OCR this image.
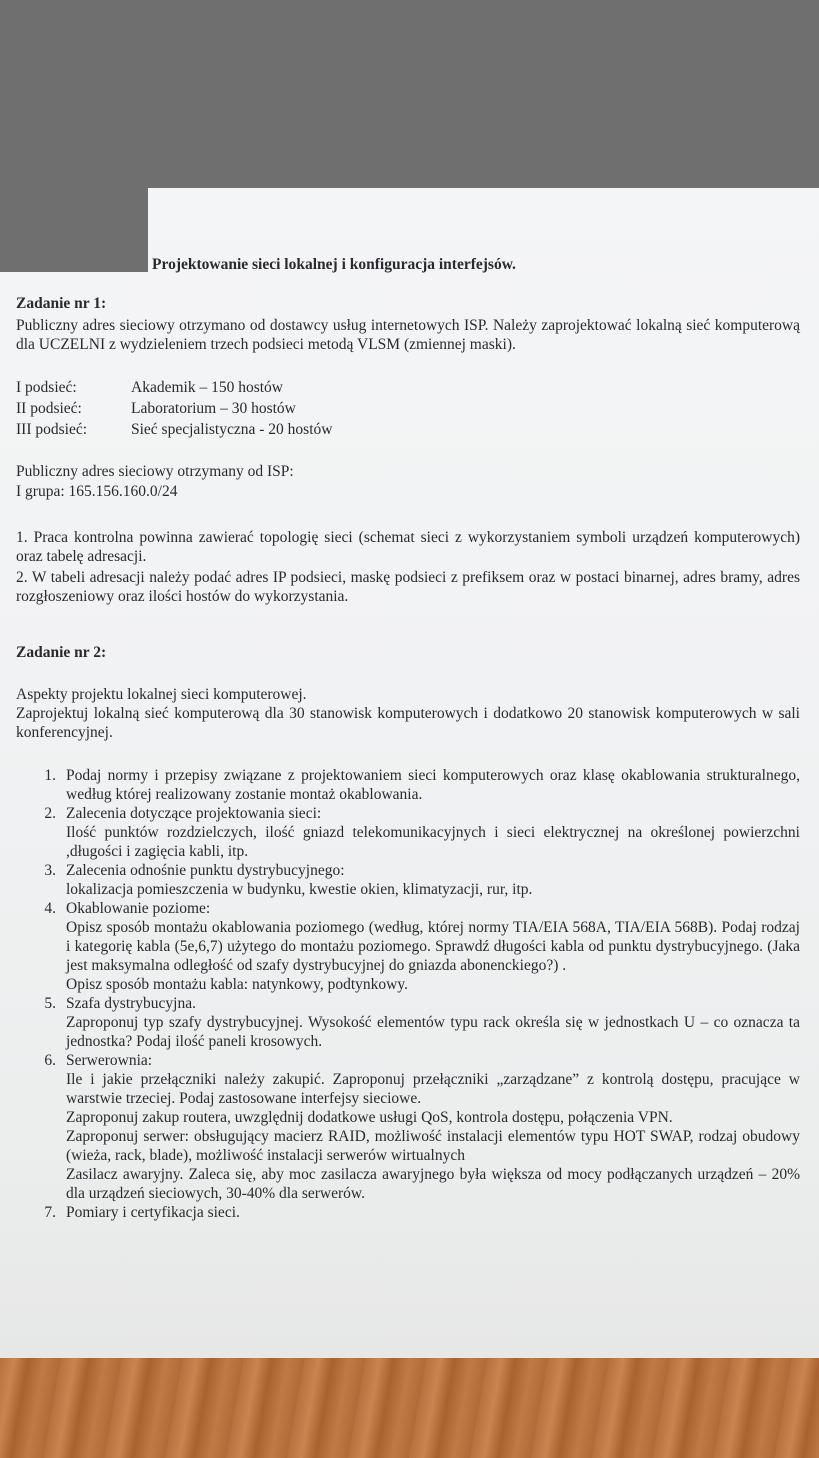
Projektowanie sieci lokalnej i konfiguracja interfejsów.
Zadanie nr 1:
Publiczny adres sieciowy otrzymano od dostawcy usług internetowych ISP. Należy zaprojektować lokalną sieć komputerową dla UCZELNI z wydzieleniem trzech podsieci metodą VLSM (zmiennej maski).
I podsieć:	Akademik – 150 hostów
II podsieć:	Laboratorium – 30 hostów
III podsieć:	Sieć specjalistyczna - 20 hostów
Publiczny adres sieciowy otrzymany od ISP:
I grupa: 165.156.160.0/24
1. Praca kontrolna powinna zawierać topologię sieci (schemat sieci z wykorzystaniem symboli urządzeń komputerowych) oraz tabelę adresacji.
2. W tabeli adresacji należy podać adres IP podsieci, maskę podsieci z prefiksem oraz w postaci binarnej, adres bramy, adres rozgłoszeniowy oraz ilości hostów do wykorzystania.
Zadanie nr 2:
Aspekty projektu lokalnej sieci komputerowej.
Zaprojektuj lokalną sieć komputerową dla 30 stanowisk komputerowych i dodatkowo 20 stanowisk komputerowych w sali konferencyjnej.
1. Podaj normy i przepisy związane z projektowaniem sieci komputerowych oraz klasę okablowania strukturalnego, według której realizowany zostanie montaż okablowania.
2. Zalecenia dotyczące projektowania sieci:
Ilość punktów rozdzielczych, ilość gniazd telekomunikacyjnych i sieci elektrycznej na określonej powierzchni ,długości i zagięcia kabli, itp.
3. Zalecenia odnośnie punktu dystrybucyjnego:
lokalizacja pomieszczenia w budynku, kwestie okien, klimatyzacji, rur, itp.
4. Okablowanie poziome:
Opisz sposób montażu okablowania poziomego (według, której normy TIA/EIA 568A, TIA/EIA 568B). Podaj rodzaj i kategorię kabla (5e,6,7) użytego do montażu poziomego. Sprawdź długości kabla od punktu dystrybucyjnego. (Jaka jest maksymalna odległość od szafy dystrybucyjnej do gniazda abonenckiego?) .
Opisz sposób montażu kabla: natynkowy, podtynkowy.
5. Szafa dystrybucyjna.
Zaproponuj typ szafy dystrybucyjnej. Wysokość elementów typu rack określa się w jednostkach U – co oznacza ta jednostka? Podaj ilość paneli krosowych.
6. Serwerownia:
Ile i jakie przełączniki należy zakupić. Zaproponuj przełączniki „zarządzane” z kontrolą dostępu, pracujące w warstwie trzeciej. Podaj zastosowane interfejsy sieciowe.
Zaproponuj zakup routera, uwzględnij dodatkowe usługi QoS, kontrola dostępu, połączenia VPN.
Zaproponuj serwer: obsługujący macierz RAID, możliwość instalacji elementów typu HOT SWAP, rodzaj obudowy (wieża, rack, blade), możliwość instalacji serwerów wirtualnych
Zasilacz awaryjny. Zaleca się, aby moc zasilacza awaryjnego była większa od mocy podłączanych urządzeń – 20% dla urządzeń sieciowych, 30-40% dla serwerów.
7. Pomiary i certyfikacja sieci.
